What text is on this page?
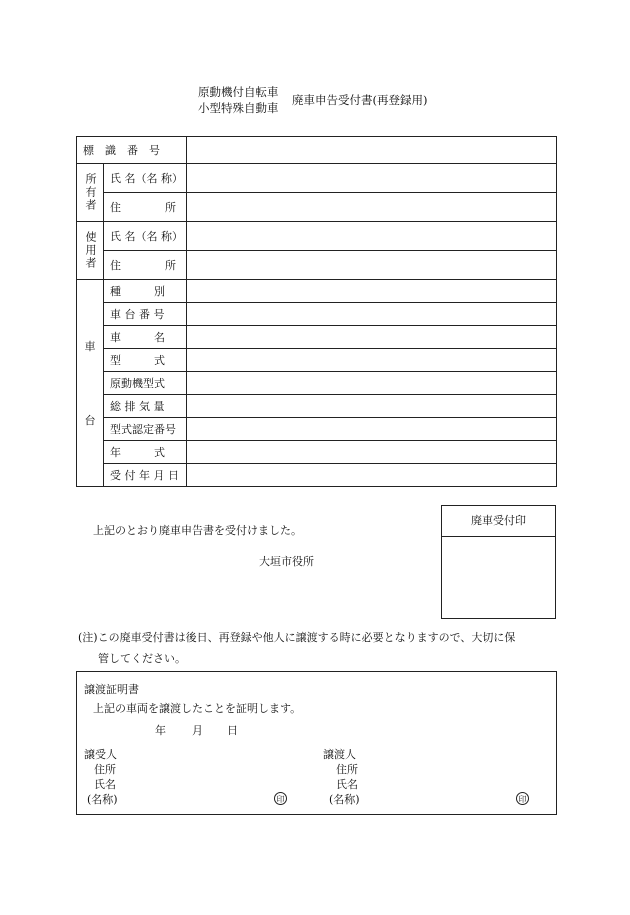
原動機付自転車
小型特殊自動車
廃車申告受付書(再登録用)
標　識　番　号		
所有者	氏 名（名 称）	
	住　　　　所	
使用者	氏 名（名 称）	
	住　　　　所	

車
台	種　　　別	
	車 台 番 号	
	車　　　名	
	型　　　式	
	原動機型式	
	総 排 気 量	
	型式認定番号	
	年　　　式	
	受 付 年 月 日	
上記のとおり廃車申告書を受付けました。
大垣市役所
廃車受付印
(注)この廃車受付書は後日、再登録や他人に譲渡する時に必要となりますので、大切に保
管してください。
譲渡証明書
上記の車両を譲渡したことを証明します。
年 月 日
譲受人
住所
氏名
(名称)	印
譲渡人
住所
氏名
(名称)	印
